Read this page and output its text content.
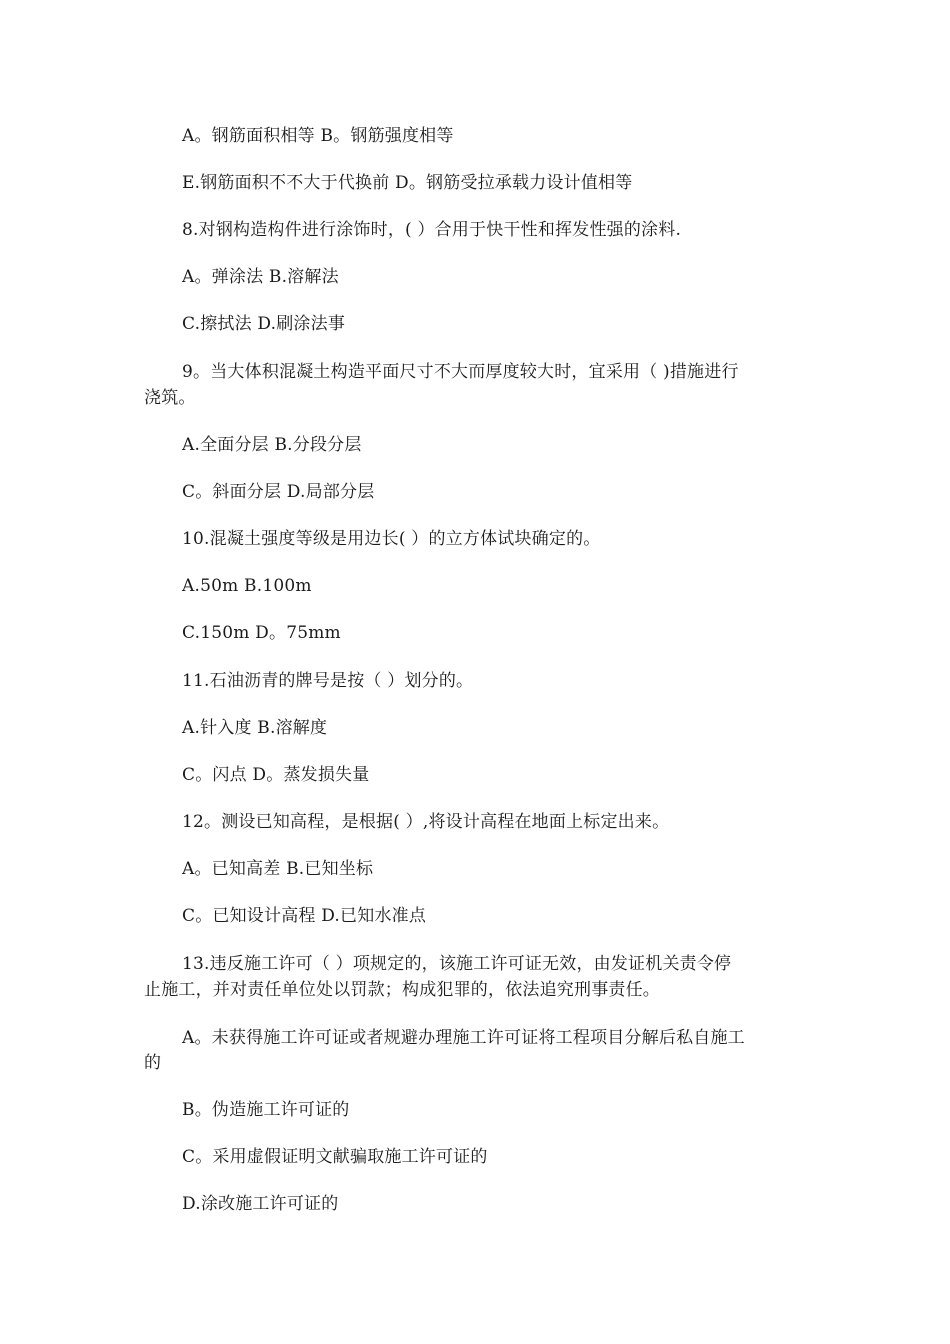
A。钢筋面积相等 B。钢筋强度相等
E.钢筋面积不不大于代换前 D。钢筋受拉承载力设计值相等
8.对钢构造构件进行涂饰时，( ）合用于快干性和挥发性强的涂料.
A。弹涂法 B.溶解法
C.擦拭法 D.刷涂法事
9。当大体积混凝土构造平面尺寸不大而厚度较大时，宜采用（ )措施进行
浇筑。
A.全面分层 B.分段分层
C。斜面分层 D.局部分层
10.混凝土强度等级是用边长( ）的立方体试块确定的。
A.50m B.100m
C.150m D。75mm
11.石油沥青的牌号是按（ ）划分的。
A.针入度 B.溶解度
C。闪点 D。蒸发损失量
12。测设已知高程，是根据( ）,将设计高程在地面上标定出来。
A。已知高差 B.已知坐标
C。已知设计高程 D.已知水准点
13.违反施工许可（ ）项规定的，该施工许可证无效，由发证机关责令停
止施工，并对责任单位处以罚款；构成犯罪的，依法追究刑事责任。
A。未获得施工许可证或者规避办理施工许可证将工程项目分解后私自施工
的
B。伪造施工许可证的
C。采用虚假证明文献骗取施工许可证的
D.涂改施工许可证的
